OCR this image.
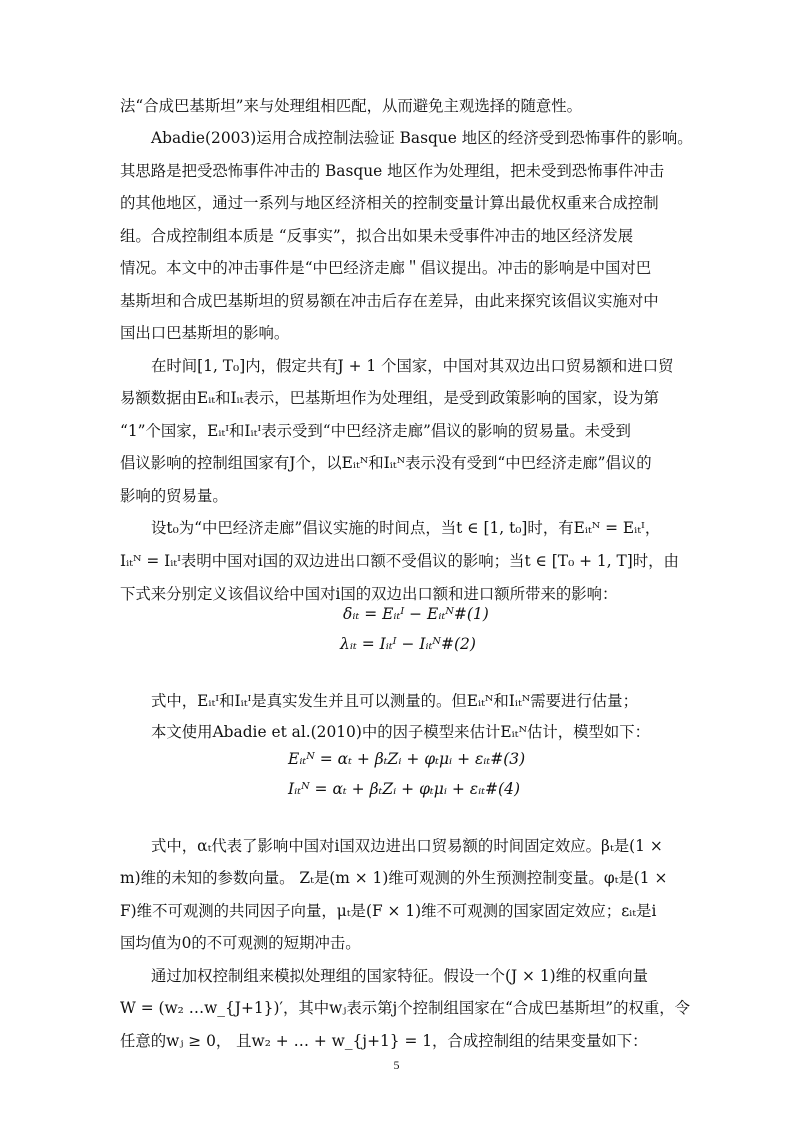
法“合成巴基斯坦”来与处理组相匹配，从而避免主观选择的随意性。
Abadie(2003)运用合成控制法验证 Basque 地区的经济受到恐怖事件的影响。
其思路是把受恐怖事件冲击的 Basque 地区作为处理组，把未受到恐怖事件冲击
的其他地区，通过一系列与地区经济相关的控制变量计算出最优权重来合成控制
组。合成控制组本质是 “反事实”，拟合出如果未受事件冲击的地区经济发展
情况。本文中的冲击事件是“中巴经济走廊＂倡议提出。冲击的影响是中国对巴
基斯坦和合成巴基斯坦的贸易额在冲击后存在差异，由此来探究该倡议实施对中
国出口巴基斯坦的影响。
在时间[1, T₀]内，假定共有J + 1 个国家，中国对其双边出口贸易额和进口贸
易额数据由Eᵢₜ和Iᵢₜ表示，巴基斯坦作为处理组，是受到政策影响的国家，设为第
“1”个国家，Eᵢₜᴵ和Iᵢₜᴵ表示受到“中巴经济走廊”倡议的影响的贸易量。未受到
倡议影响的控制组国家有J个，以Eᵢₜᴺ和Iᵢₜᴺ表示没有受到“中巴经济走廊”倡议的
影响的贸易量。
设t₀为“中巴经济走廊”倡议实施的时间点，当t ∈ [1, t₀]时，有Eᵢₜᴺ = Eᵢₜᴵ，
Iᵢₜᴺ = Iᵢₜᴵ表明中国对i国的双边进出口额不受倡议的影响；当t ∈ [T₀ + 1, T]时，由
下式来分别定义该倡议给中国对i国的双边出口额和进口额所带来的影响：
δᵢₜ = Eᵢₜᴵ − Eᵢₜᴺ#(1)
λᵢₜ = Iᵢₜᴵ − Iᵢₜᴺ#(2)
式中，Eᵢₜᴵ和Iᵢₜᴵ是真实发生并且可以测量的。但Eᵢₜᴺ和Iᵢₜᴺ需要进行估量；
本文使用Abadie et al.(2010)中的因子模型来估计Eᵢₜᴺ估计，模型如下：
Eᵢₜᴺ = αₜ + βₜZᵢ + φₜμᵢ + εᵢₜ#(3)
Iᵢₜᴺ = αₜ + βₜZᵢ + φₜμᵢ + εᵢₜ#(4)
式中，αₜ代表了影响中国对i国双边进出口贸易额的时间固定效应。βₜ是(1 ×
m)维的未知的参数向量。 Zₜ是(m × 1)维可观测的外生预测控制变量。φₜ是(1 ×
F)维不可观测的共同因子向量，μₜ是(F × 1)维不可观测的国家固定效应；εᵢₜ是i
国均值为0的不可观测的短期冲击。
通过加权控制组来模拟处理组的国家特征。假设一个(J × 1)维的权重向量
W = (w₂ …w_{J+1})′，其中wⱼ表示第j个控制组国家在“合成巴基斯坦”的权重，令
任意的wⱼ ≥ 0， 且w₂ + … + w_{j+1} = 1，合成控制组的结果变量如下：
5
